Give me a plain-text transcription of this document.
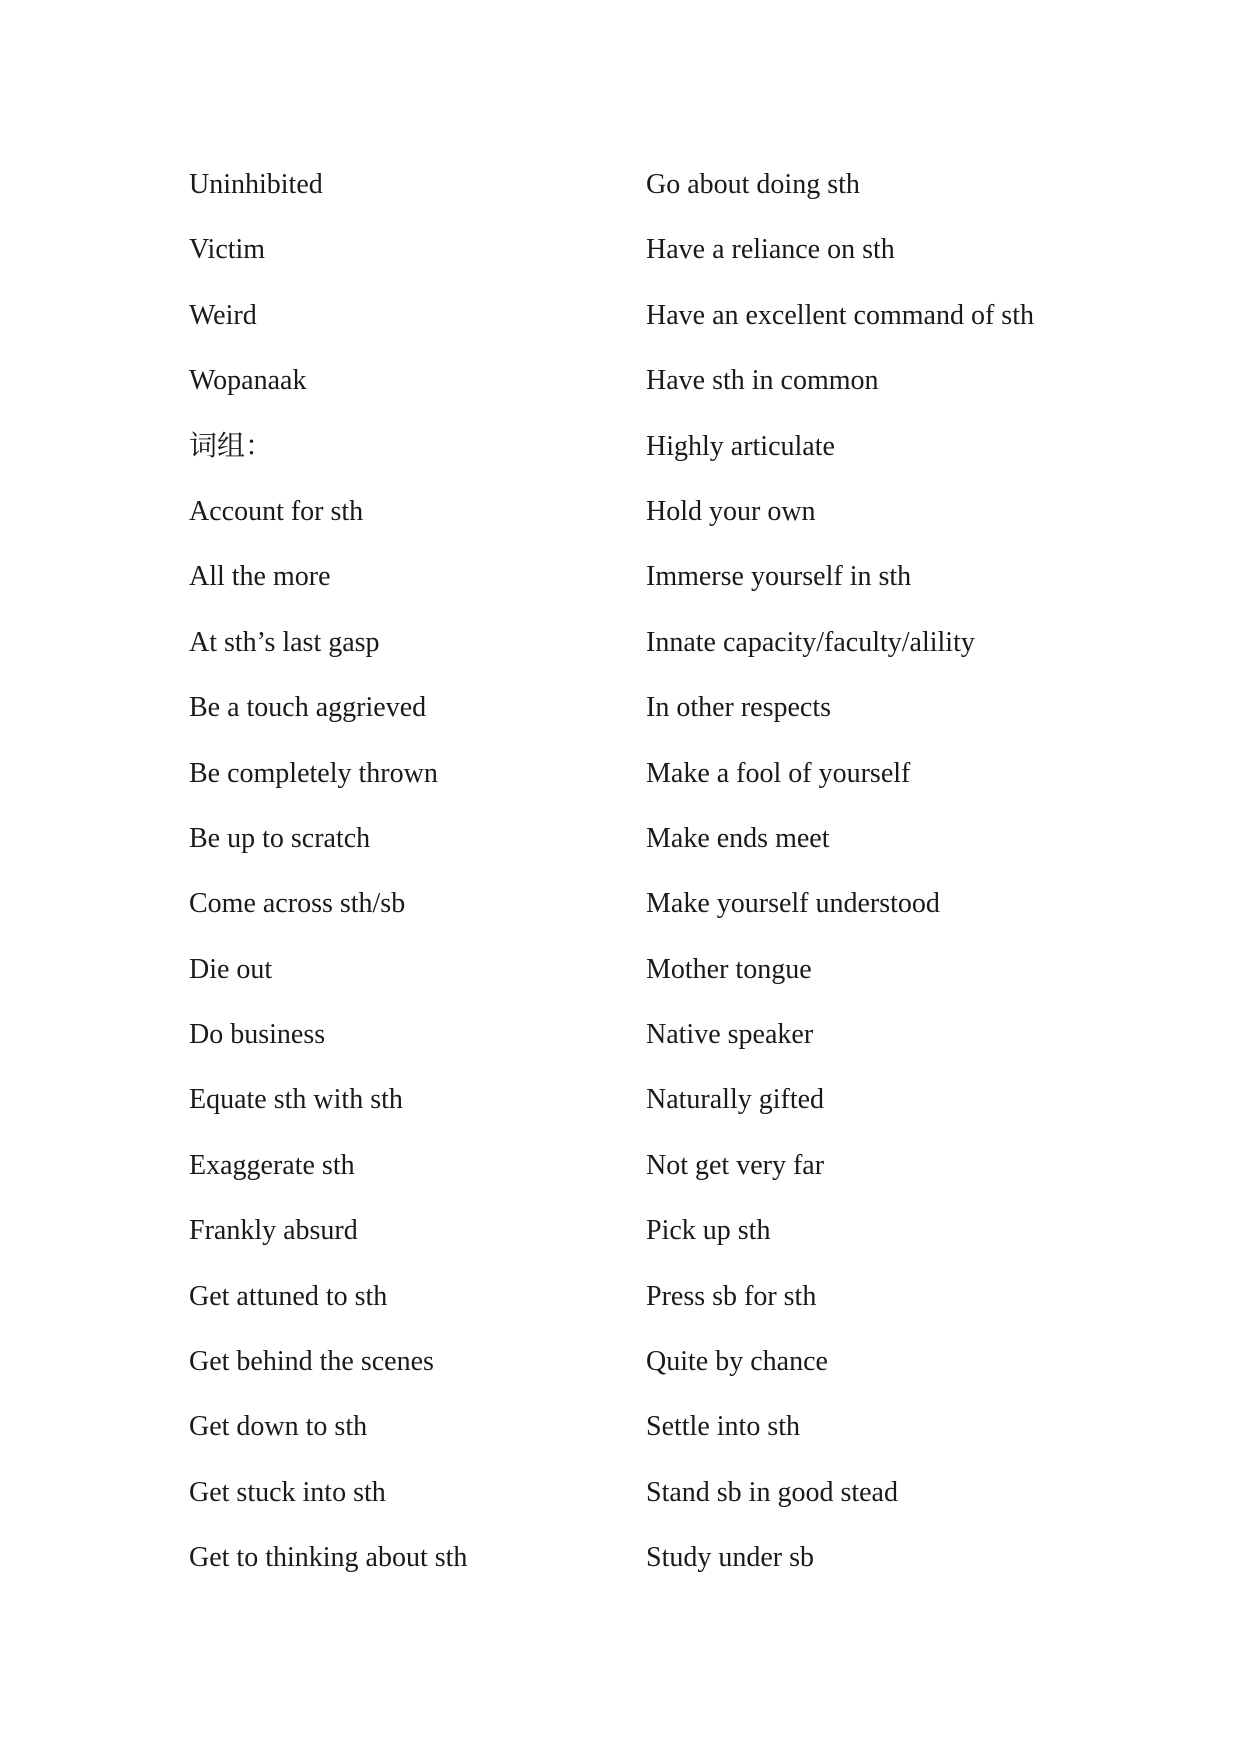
Uninhibited
Victim
Weird
Wopanaak
词组：
Account for sth
All the more
At sth’s last gasp
Be a touch aggrieved
Be completely thrown
Be up to scratch
Come across sth/sb
Die out
Do business
Equate sth with sth
Exaggerate sth
Frankly absurd
Get attuned to sth
Get behind the scenes
Get down to sth
Get stuck into sth
Get to thinking about sth
Go about doing sth
Have a reliance on sth
Have an excellent command of sth
Have sth in common
Highly articulate
Hold your own
Immerse yourself in sth
Innate capacity/faculty/alility
In other respects
Make a fool of yourself
Make ends meet
Make yourself understood
Mother tongue
Native speaker
Naturally gifted
Not get very far
Pick up sth
Press sb for sth
Quite by chance
Settle into sth
Stand sb in good stead
Study under sb
